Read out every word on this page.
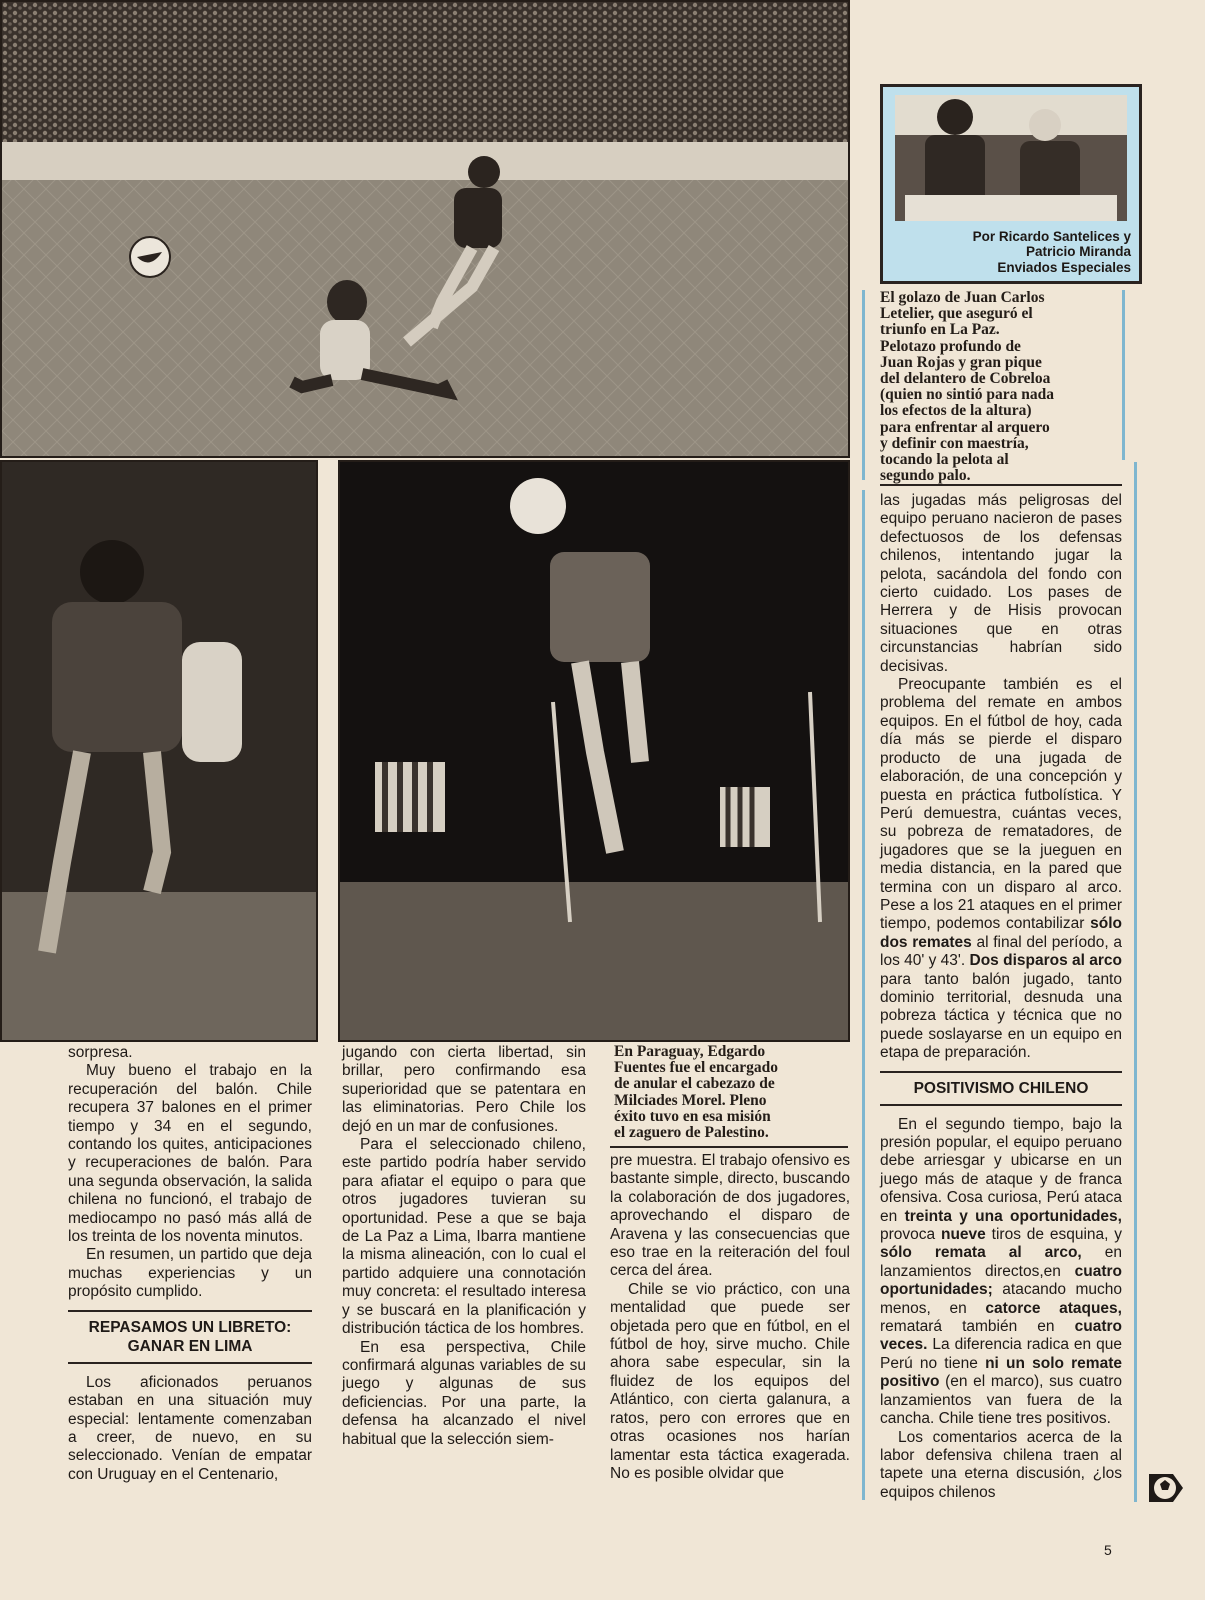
Por Ricardo Santelices y
Patricio Miranda
Enviados Especiales
El golazo de Juan Carlos
Letelier, que aseguró el
triunfo en La Paz.
Pelotazo profundo de
Juan Rojas y gran pique
del delantero de Cobreloa
(quien no sintió para nada
los efectos de la altura)
para enfrentar al arquero
y definir con maestría,
tocando la pelota al
segundo palo.
En Paraguay, Edgardo
Fuentes fue el encargado
de anular el cabezazo de
Milciades Morel. Pleno
éxito tuvo en esa misión
el zaguero de Palestino.

sorpresa.

Muy bueno el trabajo en la recuperación del balón. Chile recupera 37 balones en el primer tiempo y 34 en el segundo, contando los quites, anticipaciones y recuperaciones de balón. Para una segunda observación, la salida chilena no funcionó, el trabajo de mediocampo no pasó más allá de los treinta de los noventa minutos.

En resumen, un partido que deja muchas experiencias y un propósito cumplido.

REPASAMOS UN LIBRETO:
GANAR EN LIMA

Los aficionados peruanos estaban en una situación muy especial: lentamente comenzaban a creer, de nuevo, en su seleccionado. Venían de empatar con Uruguay en el Centenario,

jugando con cierta libertad, sin brillar, pero confirmando esa superioridad que se patentara en las eliminatorias. Pero Chile los dejó en un mar de confusiones.

Para el seleccionado chileno, este partido podría haber servido para afiatar el equipo o para que otros jugadores tuvieran su oportunidad. Pese a que se baja de La Paz a Lima, Ibarra mantiene la misma alineación, con lo cual el partido adquiere una connotación muy concreta: el resultado interesa y se buscará en la planificación y distribución táctica de los hombres.

En esa perspectiva, Chile confirmará algunas variables de su juego y algunas de sus deficiencias. Por una parte, la defensa ha alcanzado el nivel habitual que la selección siem-

pre muestra. El trabajo ofensivo es bastante simple, directo, buscando la colaboración de dos jugadores, aprovechando el disparo de Aravena y las consecuencias que eso trae en la reiteración del foul cerca del área.

Chile se vio práctico, con una mentalidad que puede ser objetada pero que en fútbol, en el fútbol de hoy, sirve mucho. Chile ahora sabe especular, sin la fluidez de los equipos del Atlántico, con cierta galanura, a ratos, pero con errores que en otras ocasiones nos harían lamentar esta táctica exagerada. No es posible olvidar que

las jugadas más peligrosas del equipo peruano nacieron de pases defectuosos de los defensas chilenos, intentando jugar la pelota, sacándola del fondo con cierto cuidado. Los pases de Herrera y de Hisis provocan situaciones que en otras circunstancias habrían sido decisivas.

Preocupante también es el problema del remate en ambos equipos. En el fútbol de hoy, cada día más se pierde el disparo producto de una jugada de elaboración, de una concepción y puesta en práctica futbolística. Y Perú demuestra, cuántas veces, su pobreza de rematadores, de jugadores que se la jueguen en media distancia, en la pared que termina con un disparo al arco. Pese a los 21 ataques en el primer tiempo, podemos contabilizar sólo dos remates al final del período, a los 40' y 43'. Dos disparos al arco para tanto balón jugado, tanto dominio territorial, desnuda una pobreza táctica y técnica que no puede soslayarse en un equipo en etapa de preparación.

POSITIVISMO CHILENO

En el segundo tiempo, bajo la presión popular, el equipo peruano debe arriesgar y ubicarse en un juego más de ataque y de franca ofensiva. Cosa curiosa, Perú ataca en treinta y una oportunidades, provoca nueve tiros de esquina, y sólo remata al arco, en lanzamientos directos,en cuatro oportunidades; atacando mucho menos, en catorce ataques, rematará también en cuatro veces. La diferencia radica en que Perú no tiene ni un solo remate positivo (en el marco), sus cuatro lanzamientos van fuera de la cancha. Chile tiene tres positivos.

Los comentarios acerca de la labor defensiva chilena traen al tapete una eterna discusión, ¿los equipos chilenos

5
